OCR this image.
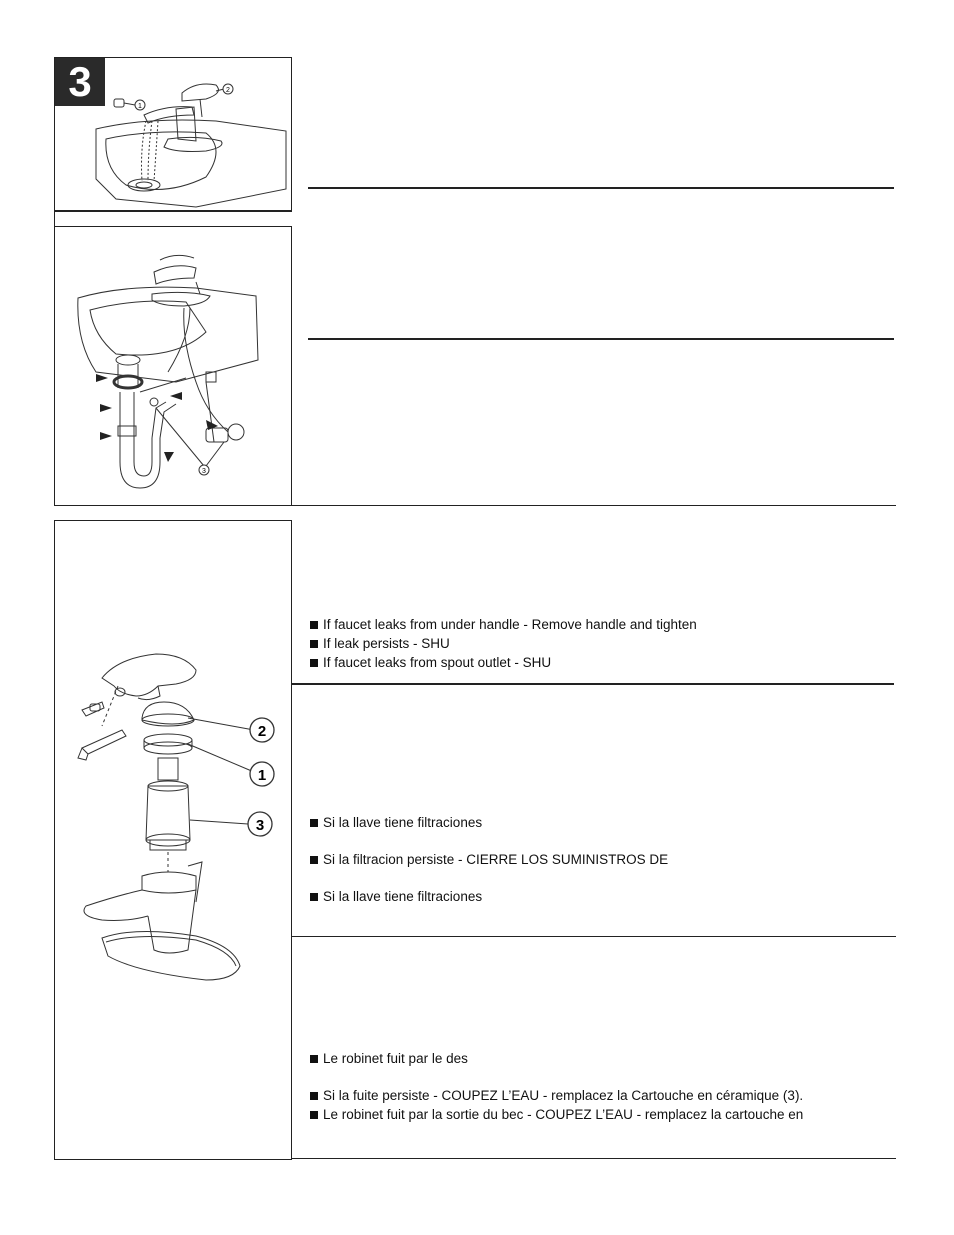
3
1
2
3
2
1
3
If faucet leaks from under handle - Remove handle and tighten
If leak persists - SHU
If faucet leaks from spout outlet - SHU
Si la llave tiene filtraciones
Si la filtracion persiste - CIERRE LOS SUMINISTROS DE
Si la llave tiene filtraciones
Le robinet fuit par le des
Si la fuite persiste - COUPEZ L’EAU - remplacez la Cartouche en céramique (3).
Le robinet fuit par la sortie du bec - COUPEZ L’EAU - remplacez la cartouche en
